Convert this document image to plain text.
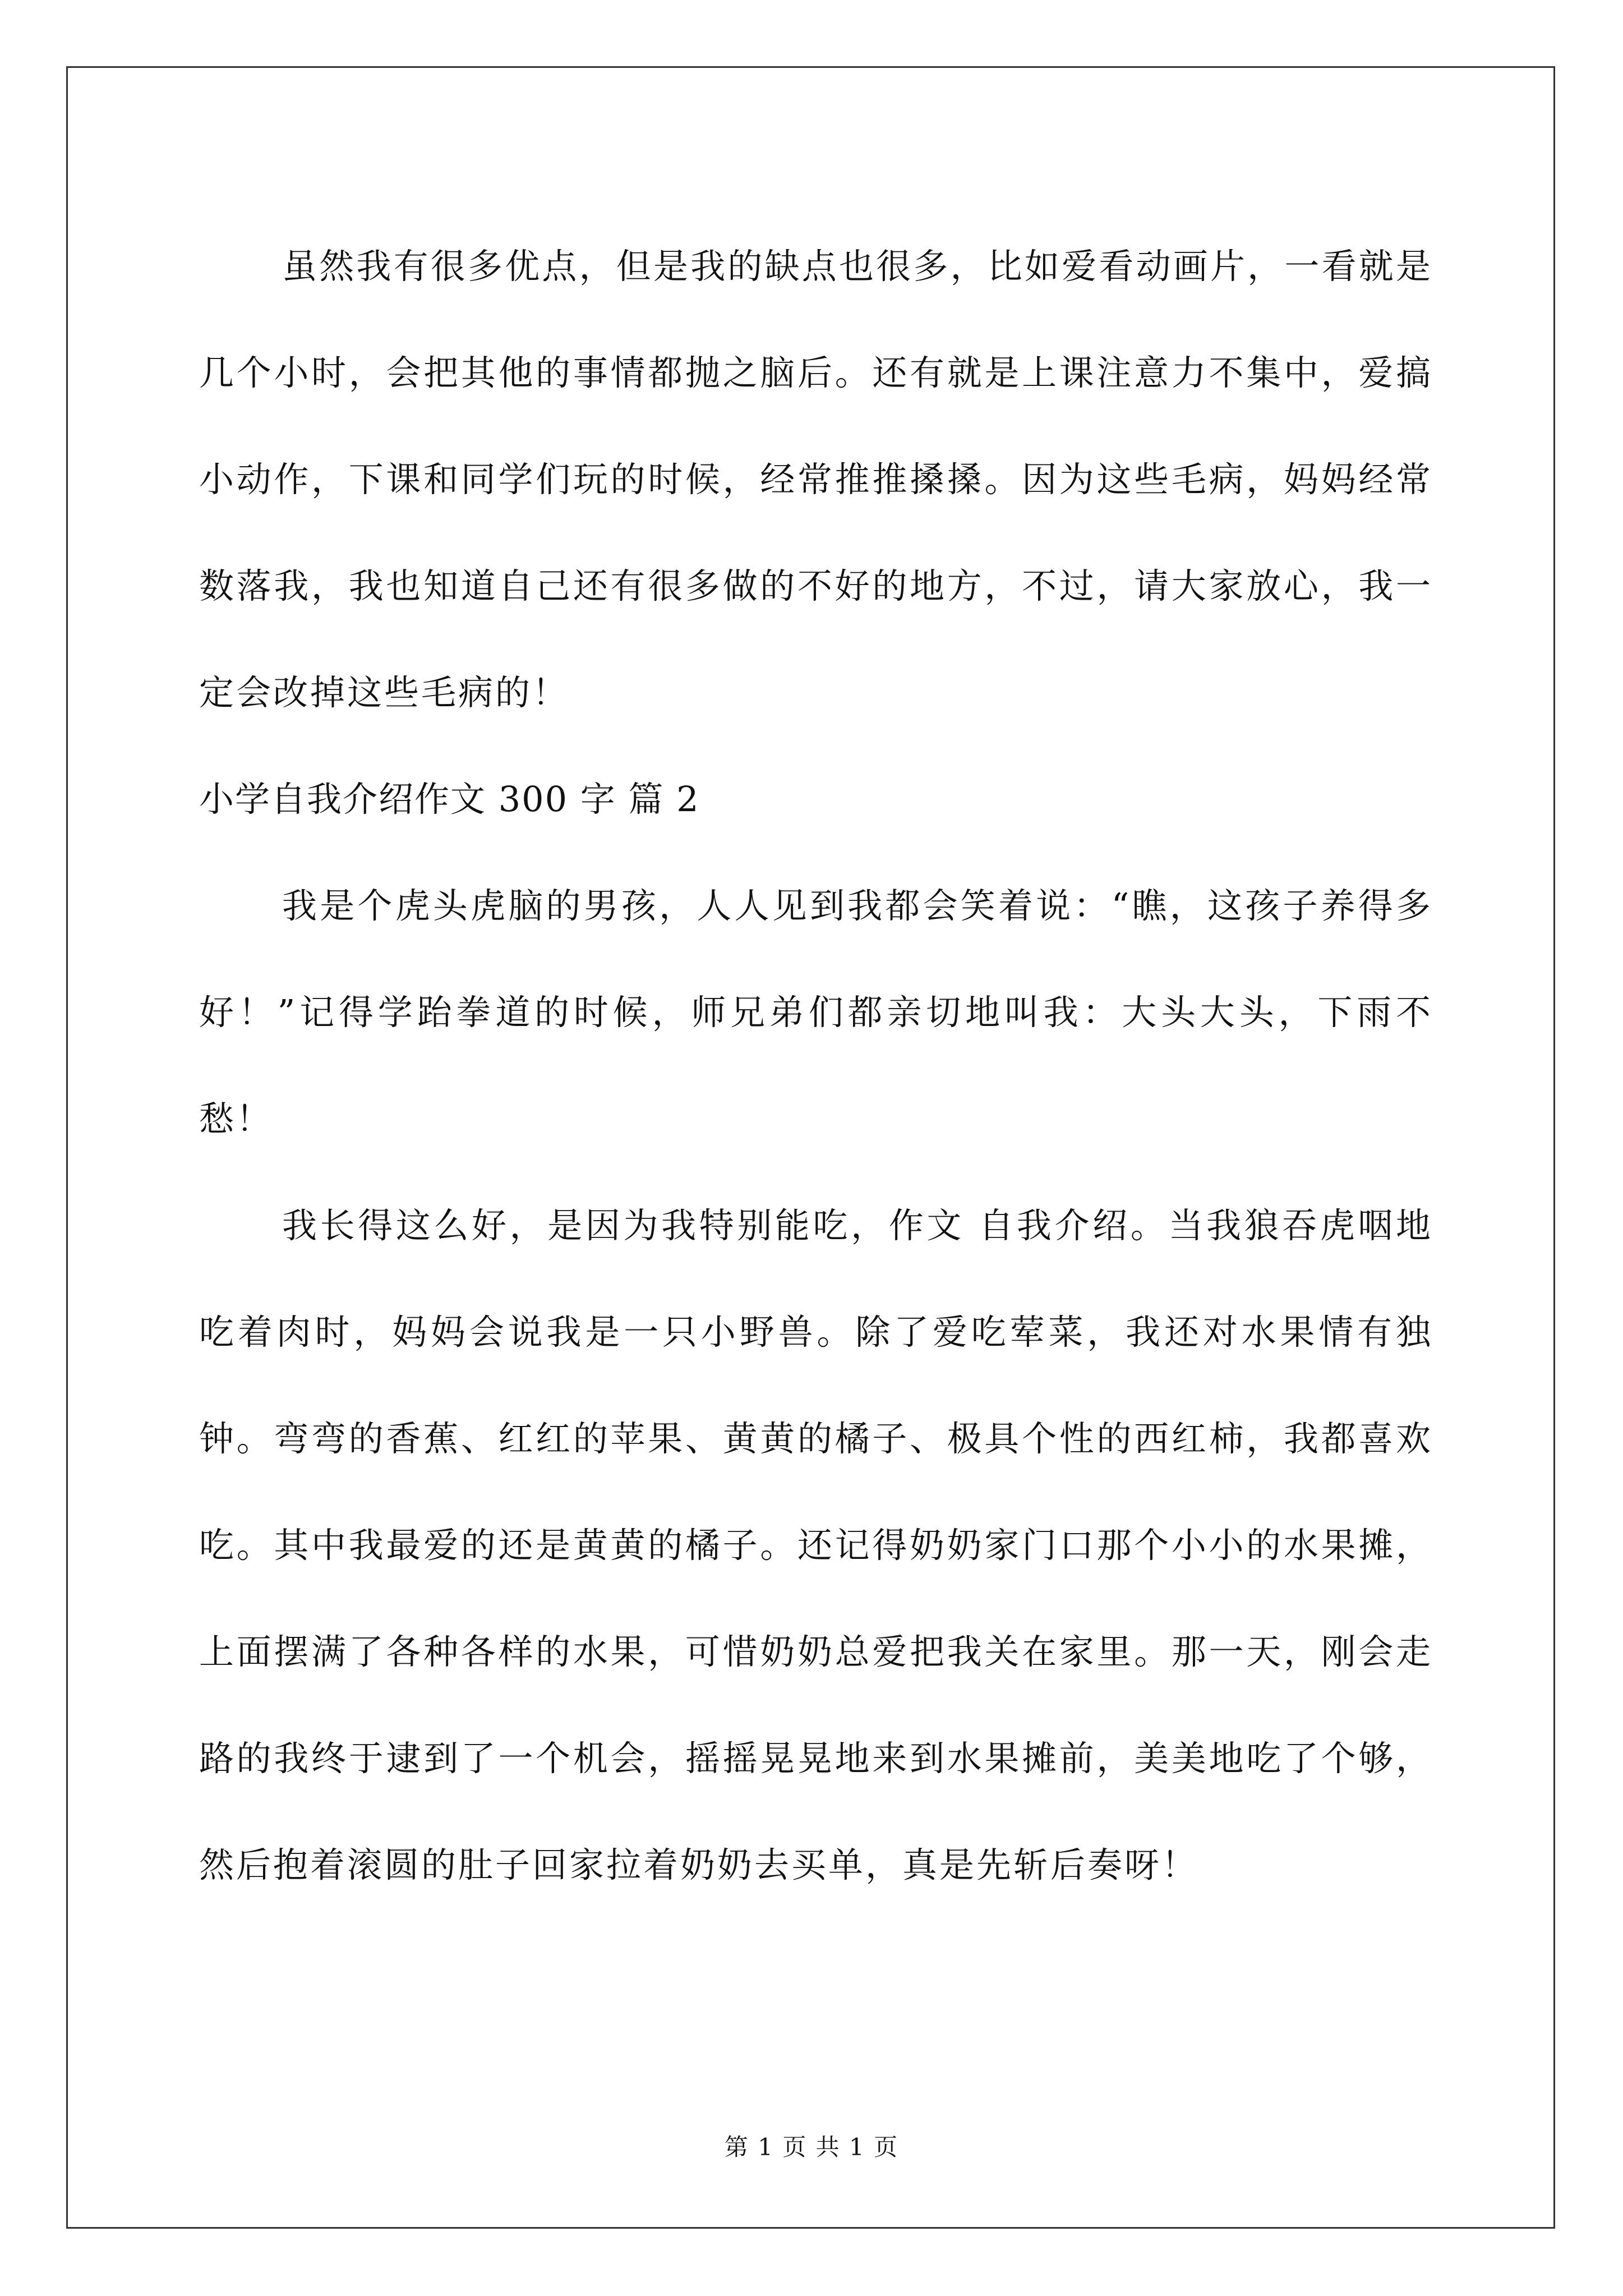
虽然我有很多优点，但是我的缺点也很多，比如爱看动画片，一看就是几个小时，会把其他的事情都抛之脑后。还有就是上课注意力不集中，爱搞小动作，下课和同学们玩的时候，经常推推搡搡。因为这些毛病，妈妈经常数落我，我也知道自己还有很多做的不好的地方，不过，请大家放心，我一定会改掉这些毛病的！

小学自我介绍作文 300 字 篇 2

我是个虎头虎脑的男孩，人人见到我都会笑着说：“瞧，这孩子养得多好！”记得学跆拳道的时候，师兄弟们都亲切地叫我：大头大头，下雨不愁！

我长得这么好，是因为我特别能吃，作文 自我介绍。当我狼吞虎咽地吃着肉时，妈妈会说我是一只小野兽。除了爱吃荤菜，我还对水果情有独钟。弯弯的香蕉、红红的苹果、黄黄的橘子、极具个性的西红柿，我都喜欢吃。其中我最爱的还是黄黄的橘子。还记得奶奶家门口那个小小的水果摊，上面摆满了各种各样的水果，可惜奶奶总爱把我关在家里。那一天，刚会走路的我终于逮到了一个机会，摇摇晃晃地来到水果摊前，美美地吃了个够，然后抱着滚圆的肚子回家拉着奶奶去买单，真是先斩后奏呀！

第 1 页 共 1 页
